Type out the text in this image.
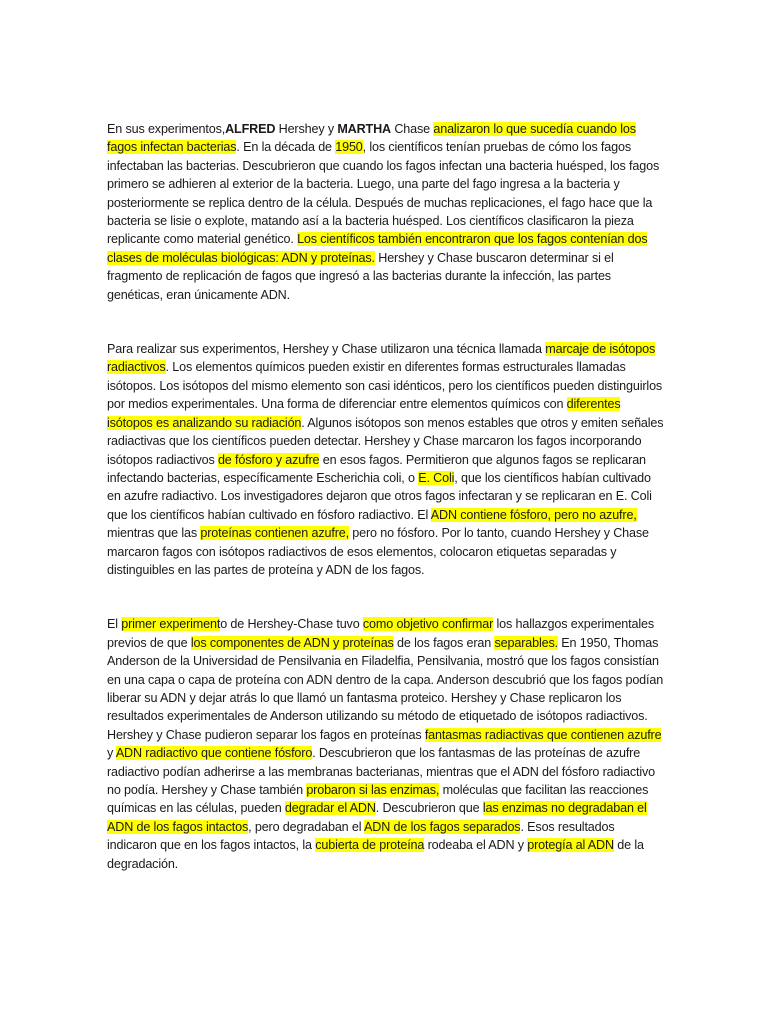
En sus experimentos,ALFRED Hershey y MARTHA Chase analizaron lo que sucedía cuando los fagos infectan bacterias. En la década de 1950, los científicos tenían pruebas de cómo los fagos infectaban las bacterias. Descubrieron que cuando los fagos infectan una bacteria huésped, los fagos primero se adhieren al exterior de la bacteria. Luego, una parte del fago ingresa a la bacteria y posteriormente se replica dentro de la célula. Después de muchas replicaciones, el fago hace que la bacteria se lisie o explote, matando así a la bacteria huésped. Los científicos clasificaron la pieza replicante como material genético. Los científicos también encontraron que los fagos contenían dos clases de moléculas biológicas: ADN y proteínas. Hershey y Chase buscaron determinar si el fragmento de replicación de fagos que ingresó a las bacterias durante la infección, las partes genéticas, eran únicamente ADN.

Para realizar sus experimentos, Hershey y Chase utilizaron una técnica llamada marcaje de isótopos radiactivos. Los elementos químicos pueden existir en diferentes formas estructurales llamadas isótopos. Los isótopos del mismo elemento son casi idénticos, pero los científicos pueden distinguirlos por medios experimentales. Una forma de diferenciar entre elementos químicos con diferentes isótopos es analizando su radiación. Algunos isótopos son menos estables que otros y emiten señales radiactivas que los científicos pueden detectar. Hershey y Chase marcaron los fagos incorporando isótopos radiactivos de fósforo y azufre en esos fagos. Permitieron que algunos fagos se replicaran infectando bacterias, específicamente Escherichia coli, o E. Coli, que los científicos habían cultivado en azufre radiactivo. Los investigadores dejaron que otros fagos infectaran y se replicaran en E. Coli que los científicos habían cultivado en fósforo radiactivo. El ADN contiene fósforo, pero no azufre, mientras que las proteínas contienen azufre, pero no fósforo. Por lo tanto, cuando Hershey y Chase marcaron fagos con isótopos radiactivos de esos elementos, colocaron etiquetas separadas y distinguibles en las partes de proteína y ADN de los fagos.

El primer experimento de Hershey-Chase tuvo como objetivo confirmar los hallazgos experimentales previos de que los componentes de ADN y proteínas de los fagos eran separables. En 1950, Thomas Anderson de la Universidad de Pensilvania en Filadelfia, Pensilvania, mostró que los fagos consistían en una capa o capa de proteína con ADN dentro de la capa. Anderson descubrió que los fagos podían liberar su ADN y dejar atrás lo que llamó un fantasma proteico. Hershey y Chase replicaron los resultados experimentales de Anderson utilizando su método de etiquetado de isótopos radiactivos. Hershey y Chase pudieron separar los fagos en proteínas fantasmas radiactivas que contienen azufre y ADN radiactivo que contiene fósforo. Descubrieron que los fantasmas de las proteínas de azufre radiactivo podían adherirse a las membranas bacterianas, mientras que el ADN del fósforo radiactivo no podía. Hershey y Chase también probaron si las enzimas, moléculas que facilitan las reacciones químicas en las células, pueden degradar el ADN. Descubrieron que las enzimas no degradaban el ADN de los fagos intactos, pero degradaban el ADN de los fagos separados. Esos resultados indicaron que en los fagos intactos, la cubierta de proteína rodeaba el ADN y protegía al ADN de la degradación.
